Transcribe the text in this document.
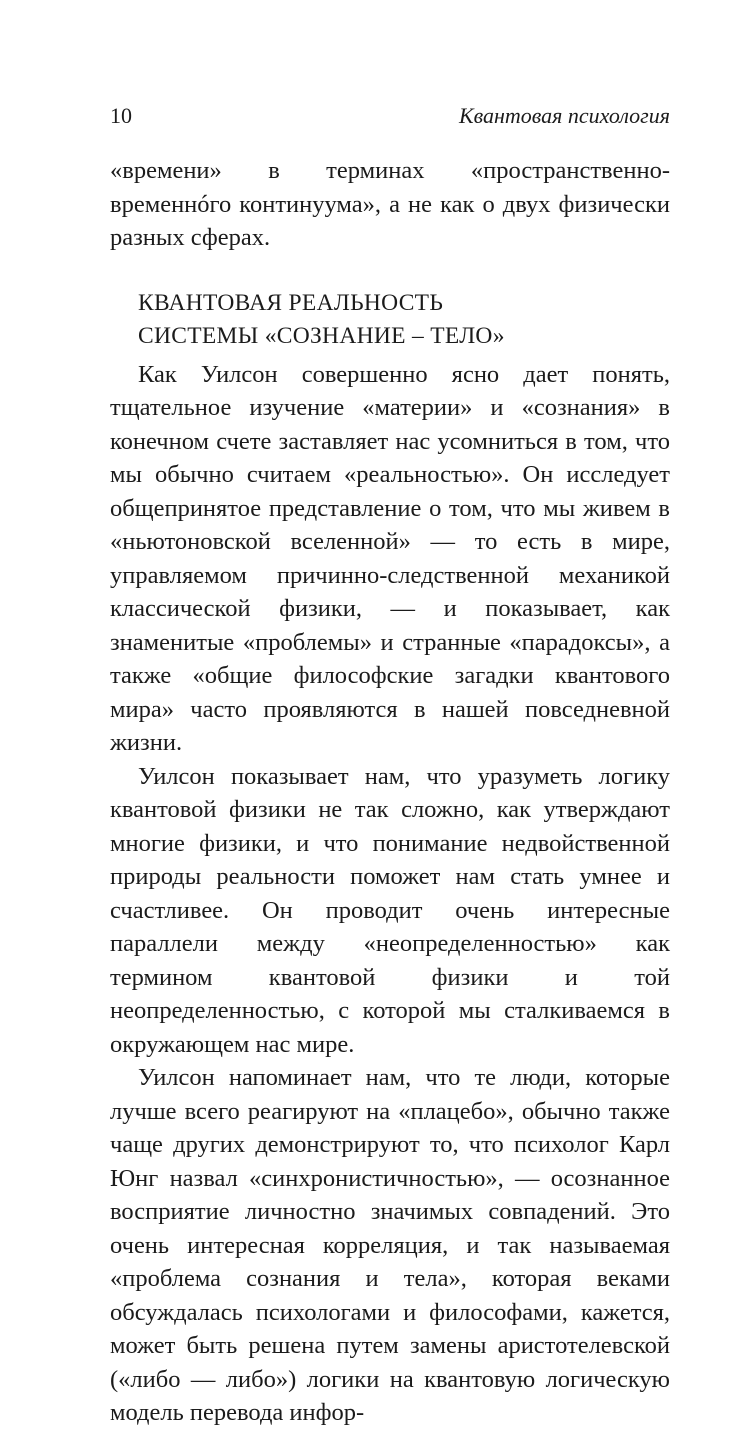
10	Квантовая психология

«времени» в терминах «пространственно-временнóго континуума», а не как о двух физически разных сферах.

КВАНТОВАЯ РЕАЛЬНОСТЬ
СИСТЕМЫ «СОЗНАНИЕ – ТЕЛО»

Как Уилсон совершенно ясно дает понять, тщательное изучение «материи» и «сознания» в конечном счете заставляет нас усомниться в том, что мы обычно считаем «реальностью». Он исследует общепринятое представление о том, что мы живем в «ньютоновской вселенной» — то есть в мире, управляемом причинно-следственной механикой классической физики, — и показывает, как знаменитые «проблемы» и странные «парадоксы», а также «общие философские загадки квантового мира» часто проявляются в нашей повседневной жизни.

Уилсон показывает нам, что уразуметь логику квантовой физики не так сложно, как утверждают многие физики, и что понимание недвойственной природы реальности поможет нам стать умнее и счастливее. Он проводит очень интересные параллели между «неопределенностью» как термином квантовой физики и той неопределенностью, с которой мы сталкиваемся в окружающем нас мире.

Уилсон напоминает нам, что те люди, которые лучше всего реагируют на «плацебо», обычно также чаще других демонстрируют то, что психолог Карл Юнг назвал «синхронистичностью», — осознанное восприятие личностно значимых совпадений. Это очень интересная корреляция, и так называемая «проблема сознания и тела», которая веками обсуждалась психологами и философами, кажется, может быть решена путем замены аристотелевской («либо — либо») логики на квантовую логическую модель перевода инфор-
